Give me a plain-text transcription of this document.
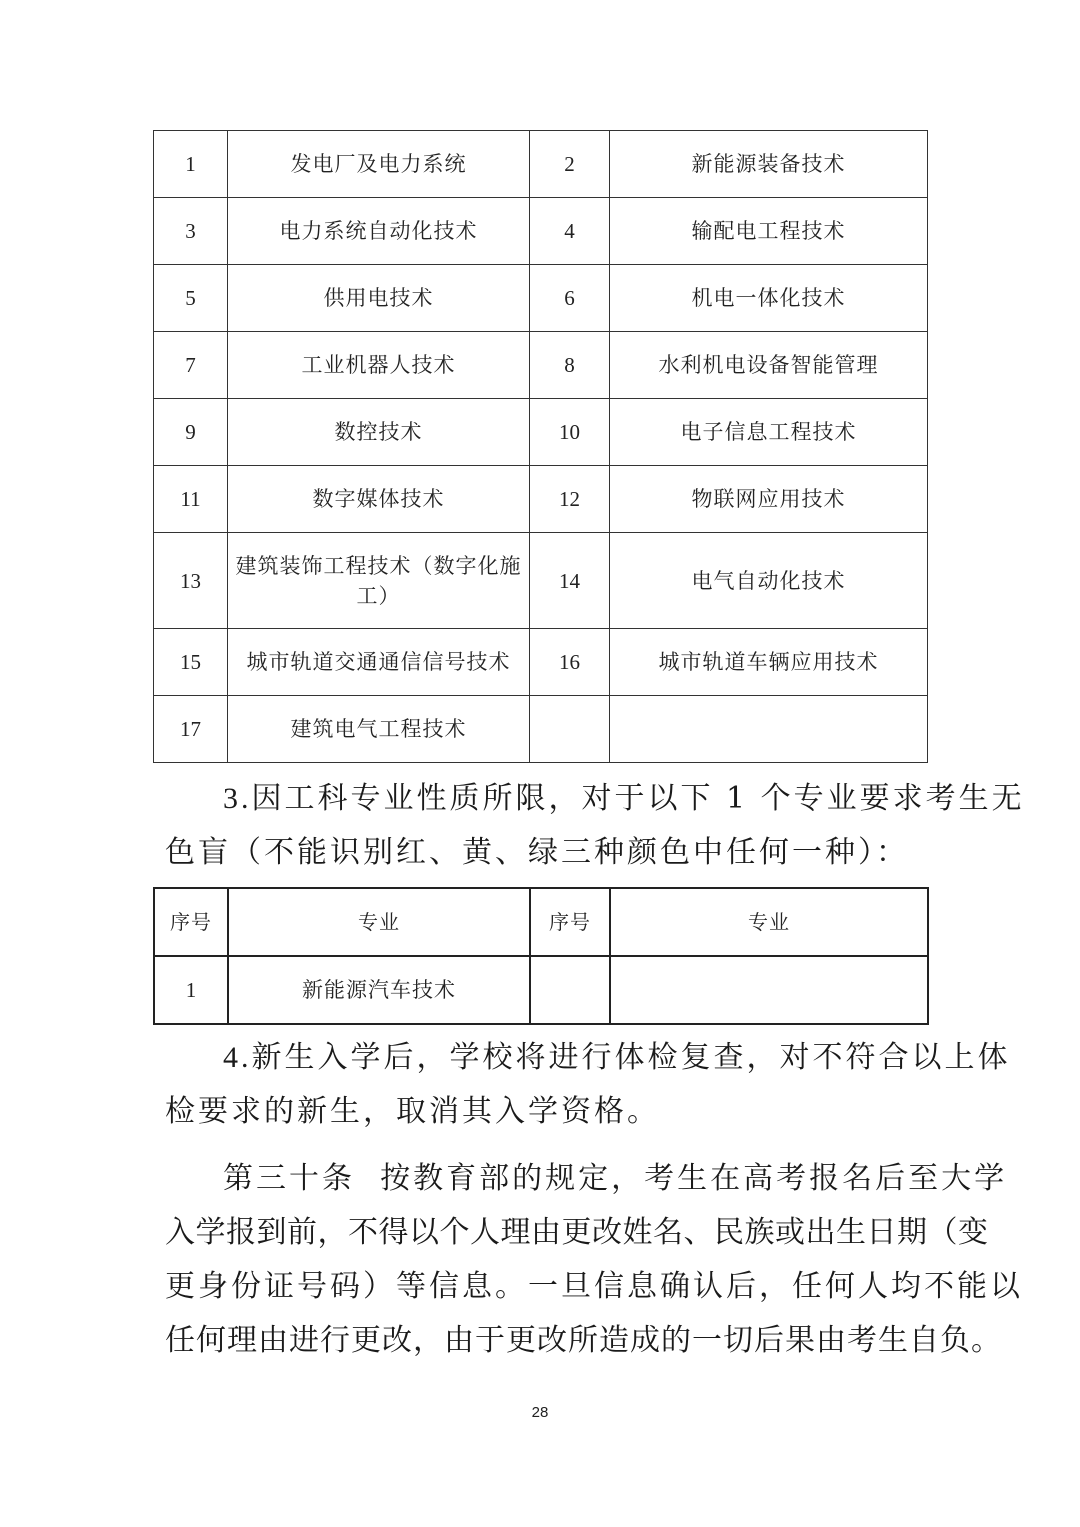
1	发电厂及电力系统	2	新能源装备技术
3	电力系统自动化技术	4	输配电工程技术
5	供用电技术	6	机电一体化技术
7	工业机器人技术	8	水利机电设备智能管理
9	数控技术	10	电子信息工程技术
11	数字媒体技术	12	物联网应用技术
13	建筑装饰工程技术（数字化施工）	14	电气自动化技术
15	城市轨道交通通信信号技术	16	城市轨道车辆应用技术
17	建筑电气工程技术		

3.因工科专业性质所限，对于以下 1 个专业要求考生无
色盲（不能识别红、黄、绿三种颜色中任何一种）：

序号	专业	序号	专业
1	新能源汽车技术		

4.新生入学后，学校将进行体检复查，对不符合以上体
检要求的新生，取消其入学资格。

第三十条  按教育部的规定，考生在高考报名后至大学
入学报到前，不得以个人理由更改姓名、民族或出生日期（变
更身份证号码）等信息。一旦信息确认后，任何人均不能以
任何理由进行更改，由于更改所造成的一切后果由考生自负。

28
